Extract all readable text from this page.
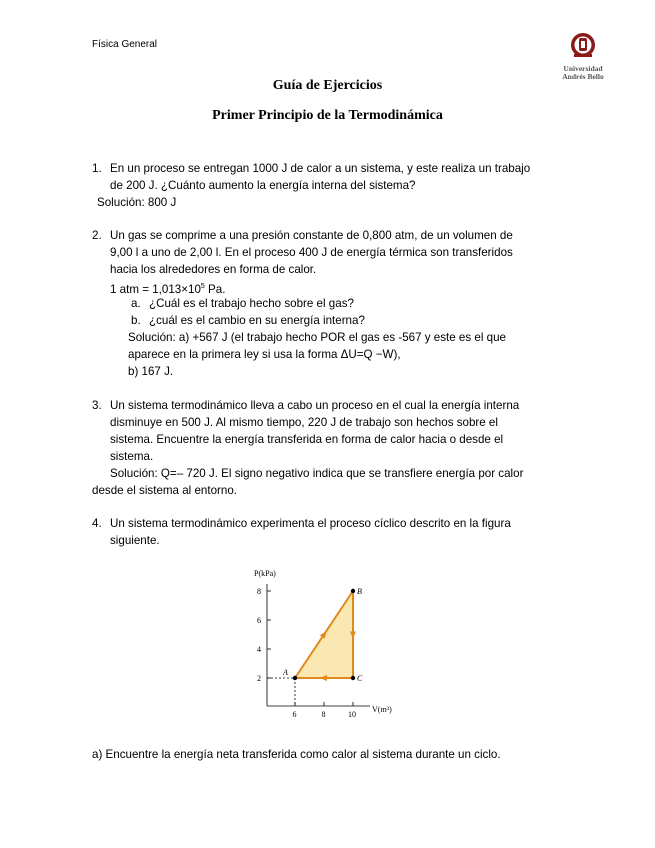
Física General
Universidad
Andrés Bello
Guía de Ejercicios
Primer Principio de la Termodinámica
1. En un proceso se entregan 1000 J de calor a un sistema, y este realiza un trabajo
de 200 J. ¿Cuánto aumento la energía interna del sistema?
Solución: 800 J
2. Un gas se comprime a una presión constante de 0,800 atm, de un volumen de
9,00 l a uno de 2,00 l. En el proceso 400 J de energía térmica son transferidos
hacia los alrededores en forma de calor.
1 atm = $1,013\times 10^5$ Pa.
a. ¿Cuál es el trabajo hecho sobre el gas?
b. ¿cuál es el cambio en su energía interna?
Solución: a) +567 J (el trabajo hecho POR el gas es -567 y este es el que
aparece en la primera ley si usa la forma ΔU=Q −W),
b) 167 J.
3. Un sistema termodinámico lleva a cabo un proceso en el cual la energía interna
disminuye en 500 J. Al mismo tiempo, 220 J de trabajo son hechos sobre el
sistema. Encuentre la energía transferida en forma de calor hacia o desde el
sistema.
Solución: Q=– 720 J. El signo negativo indica que se transfiere energía por calor
desde el sistema al entorno.
4. Un sistema termodinámico experimenta el proceso cíclico descrito en la figura
siguiente.
P(kPa)
V(m³)
2
4
6
8
6	8	10
A
B
C
a) Encuentre la energía neta transferida como calor al sistema durante un ciclo.
